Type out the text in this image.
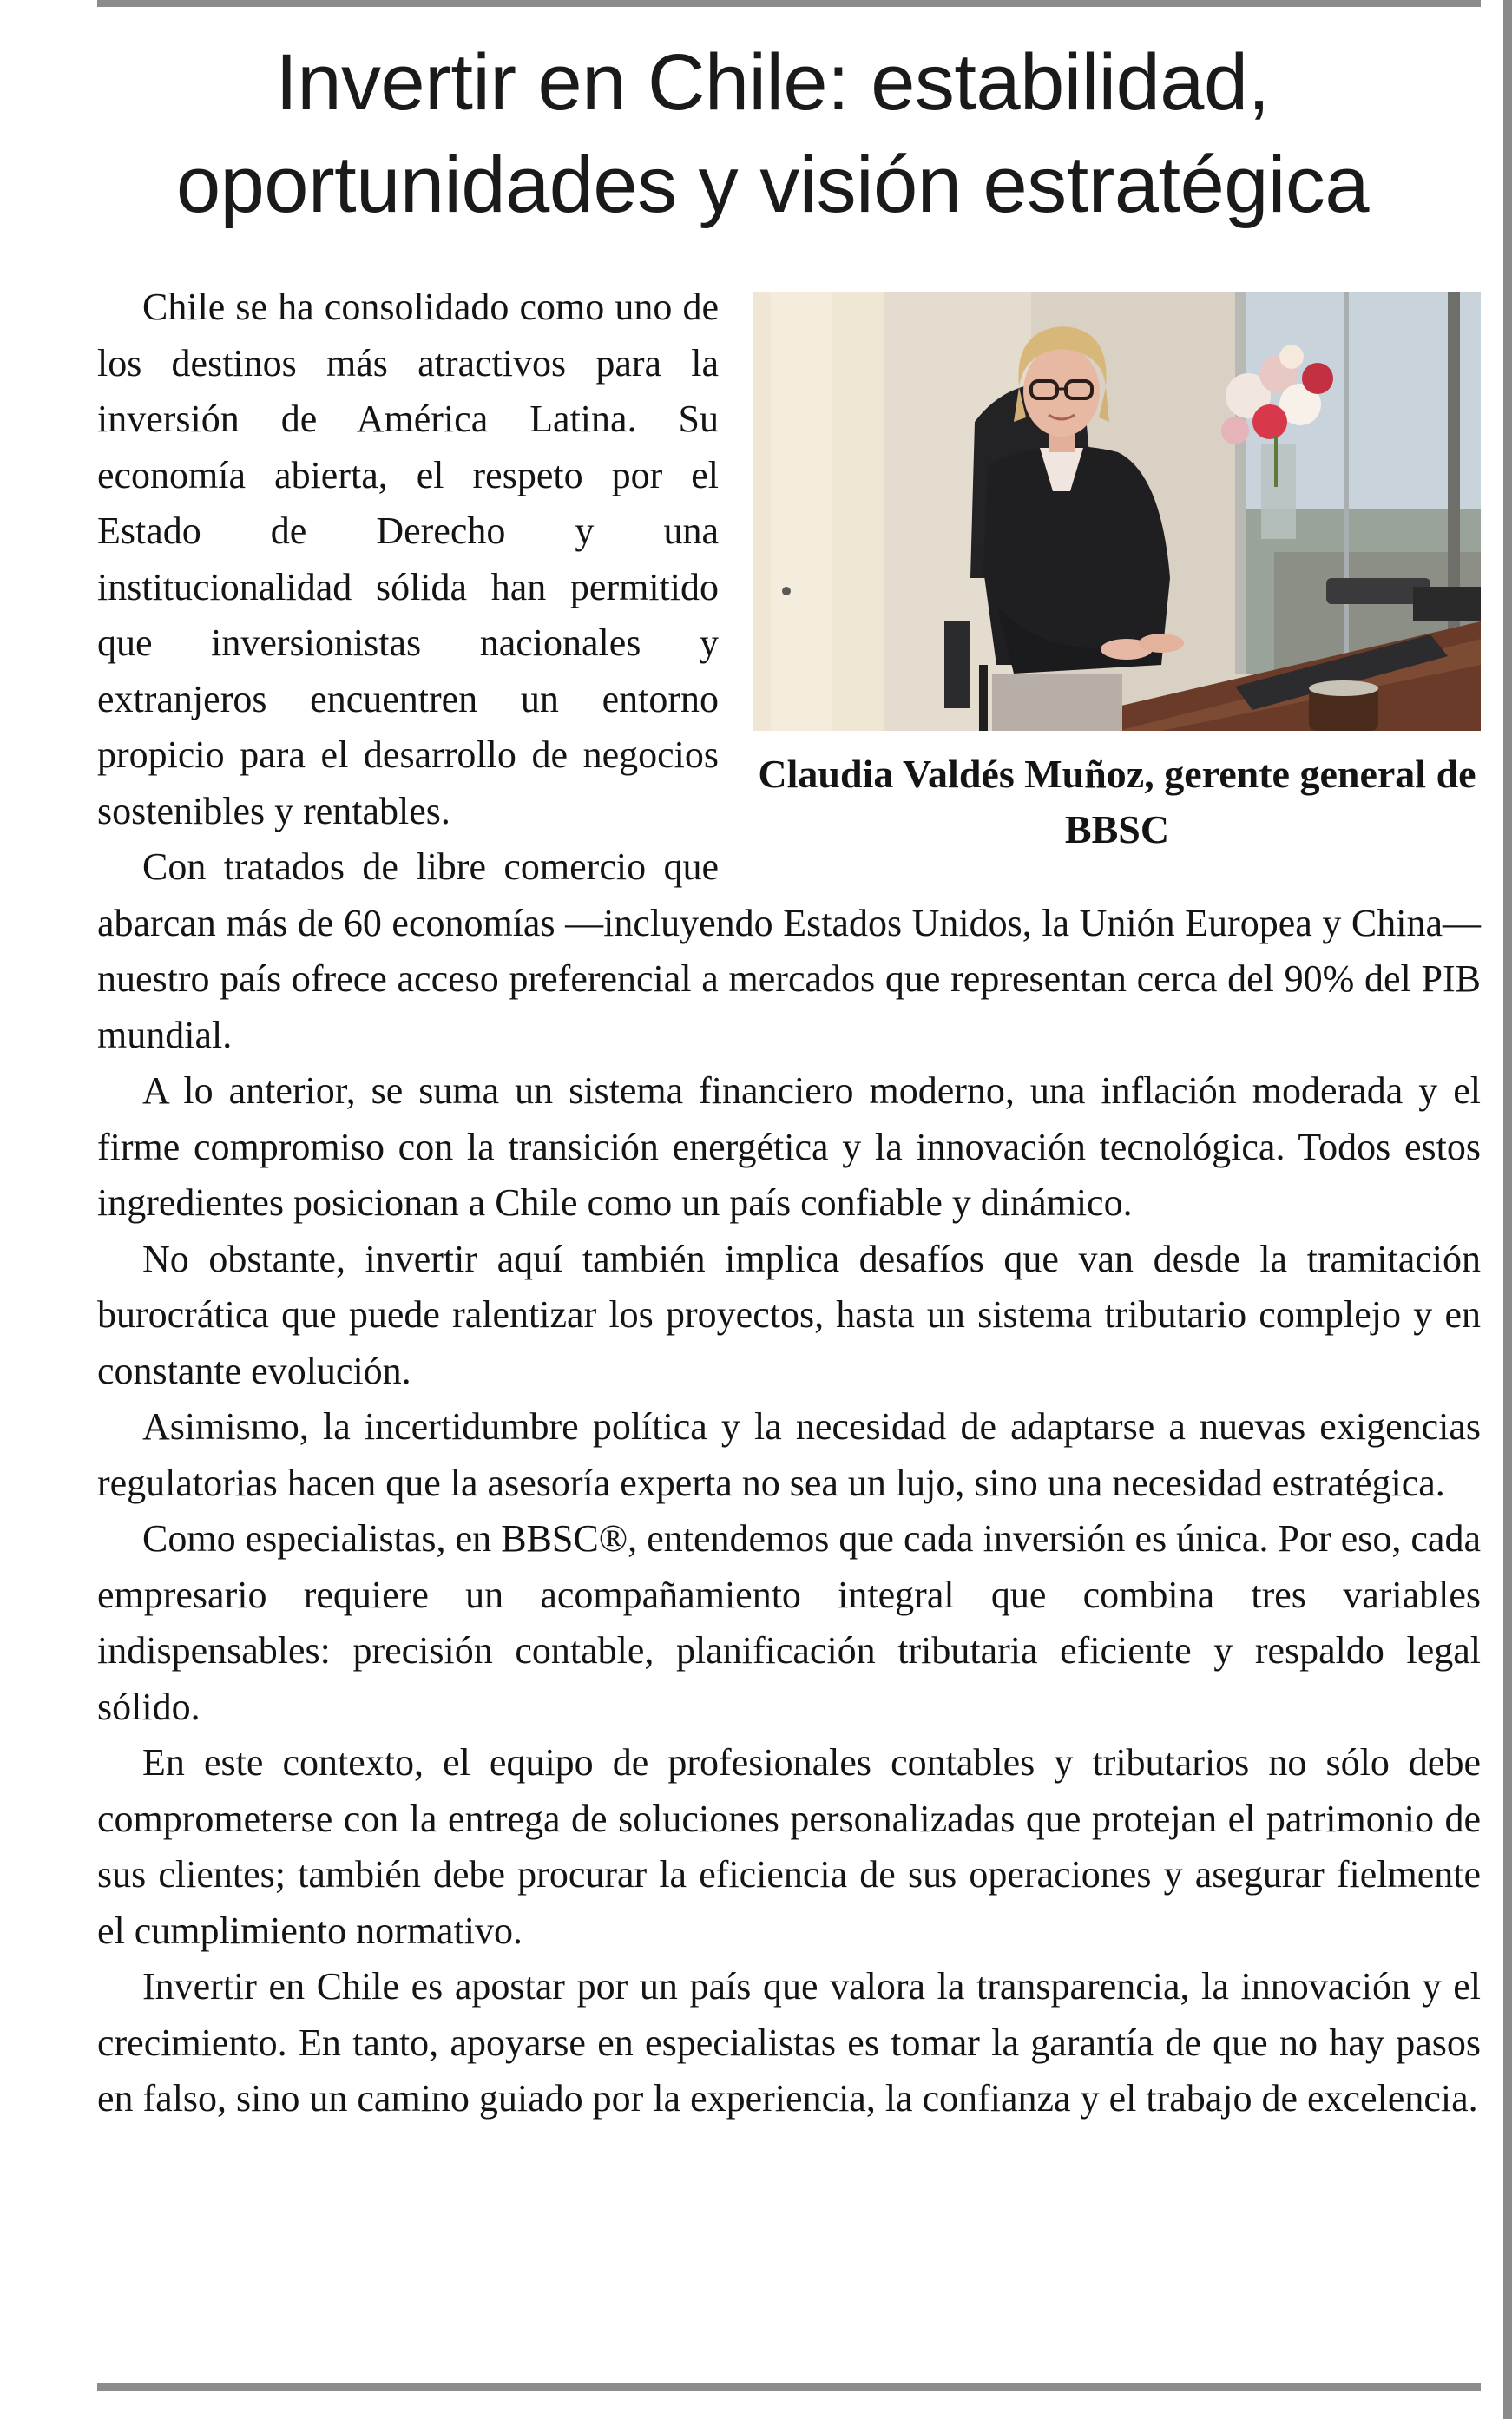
Invertir en Chile: estabilidad,
oportunidades y visión estratégica
Claudia Valdés Muñoz, gerente general de BBSC

Chile se ha consolidado como uno de los destinos más atractivos para la inversión de América Latina. Su economía abierta, el respeto por el Estado de Derecho y una institucionalidad sólida han permitido que inversionistas nacionales y extranjeros encuentren un entorno propicio para el desarrollo de negocios sostenibles y rentables.

Con tratados de libre comercio que abarcan más de 60 economías —incluyendo Estados Unidos, la Unión Europea y China—nuestro país ofrece acceso preferencial a mercados que representan cerca del 90% del PIB mundial.

A lo anterior, se suma un sistema financiero moderno, una inflación moderada y el firme compromiso con la transición energética y la innovación tecnológica. Todos estos ingredientes posicionan a Chile como un país confiable y dinámico.

No obstante, invertir aquí también implica desafíos que van desde la tramitación burocrática que puede ralentizar los proyectos, hasta un sistema tributario complejo y en constante evolución.

Asimismo, la incertidumbre política y la necesidad de adaptarse a nuevas exigencias regulatorias hacen que la asesoría experta no sea un lujo, sino una necesidad estratégica.

Como especialistas, en BBSC®, entendemos que cada inversión es única. Por eso, cada empresario requiere un acompañamiento integral que combina tres variables indispensables: precisión contable, planificación tributaria eficiente y respaldo legal sólido.

En este contexto, el equipo de profesionales contables y tributarios no sólo debe comprometerse con la entrega de soluciones personalizadas que protejan el patrimonio de sus clientes; también debe procurar la eficiencia de sus operaciones y asegurar fielmente el cumplimiento normativo.

Invertir en Chile es apostar por un país que valora la transparencia, la innovación y el crecimiento. En tanto, apoyarse en especialistas es tomar la garantía de que no hay pasos en falso, sino un camino guiado por la experiencia, la confianza y el trabajo de excelencia.
